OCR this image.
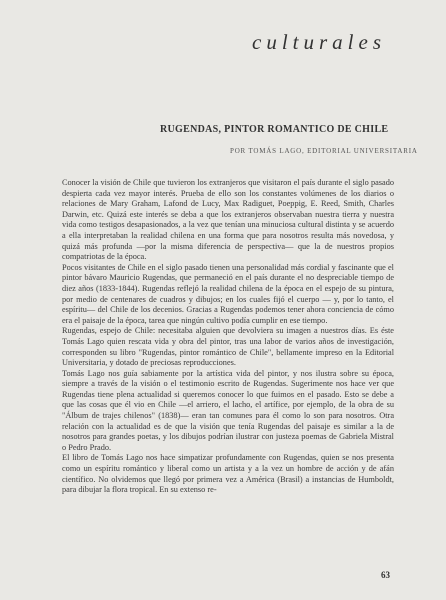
culturales
RUGENDAS, PINTOR ROMANTICO DE CHILE
POR TOMÁS LAGO, EDITORIAL UNIVERSITARIA

Conocer la visión de Chile que tuvieron los extranjeros que visitaron el país durante el siglo pasado despierta cada vez mayor interés. Prueba de ello son los constantes volúmenes de los diarios o relaciones de Mary Graham, Lafond de Lucy, Max Radiguet, Poeppig, E. Reed, Smith, Charles Darwin, etc. Quizá este interés se deba a que los extranjeros observaban nuestra tierra y nuestra vida como testigos desapasionados, a la vez que tenían una minuciosa cultural distinta y se acuerdo a ella interpretaban la realidad chilena en una forma que para nosotros resulta más novedosa, y quizá más profunda —por la misma diferencia de perspectiva— que la de nuestros propios compatriotas de la época.

Pocos visitantes de Chile en el siglo pasado tienen una personalidad más cordial y fascinante que el pintor bávaro Mauricio Rugendas, que permaneció en el país durante el no despreciable tiempo de diez años (1833-1844). Rugendas reflejó la realidad chilena de la época en el espejo de su pintura, por medio de centenares de cuadros y dibujos; en los cuales fijó el cuerpo — y, por lo tanto, el espíritu— del Chile de los decenios. Gracias a Rugendas podemos tener ahora conciencia de cómo era el paisaje de la época, tarea que ningún cultivo podía cumplir en ese tiempo.

Rugendas, espejo de Chile: necesitaba alguien que devolviera su imagen a nuestros días. Es éste Tomás Lago quien rescata vida y obra del pintor, tras una labor de varios años de investigación, corresponden su libro "Rugendas, pintor romántico de Chile", bellamente impreso en la Editorial Universitaria, y dotado de preciosas reproducciones.

Tomás Lago nos guía sabiamente por la artística vida del pintor, y nos ilustra sobre su época, siempre a través de la visión o el testimonio escrito de Rugendas. Sugerimente nos hace ver que Rugendas tiene plena actualidad si queremos conocer lo que fuimos en el pasado. Esto se debe a que las cosas que él vio en Chile —el arriero, el lacho, el artífice, por ejemplo, de la obra de su "Álbum de trajes chilenos" (1838)— eran tan comunes para él como lo son para nosotros. Otra relación con la actualidad es de que la visión que tenía Rugendas del paisaje es similar a la de nosotros para grandes poetas, y los dibujos podrían ilustrar con justeza poemas de Gabriela Mistral o Pedro Prado.

El libro de Tomás Lago nos hace simpatizar profundamente con Rugendas, quien se nos presenta como un espíritu romántico y liberal como un artista y a la vez un hombre de acción y de afán científico. No olvidemos que llegó por primera vez a América (Brasil) a instancias de Humboldt, para dibujar la flora tropical. En su extenso re-

63
